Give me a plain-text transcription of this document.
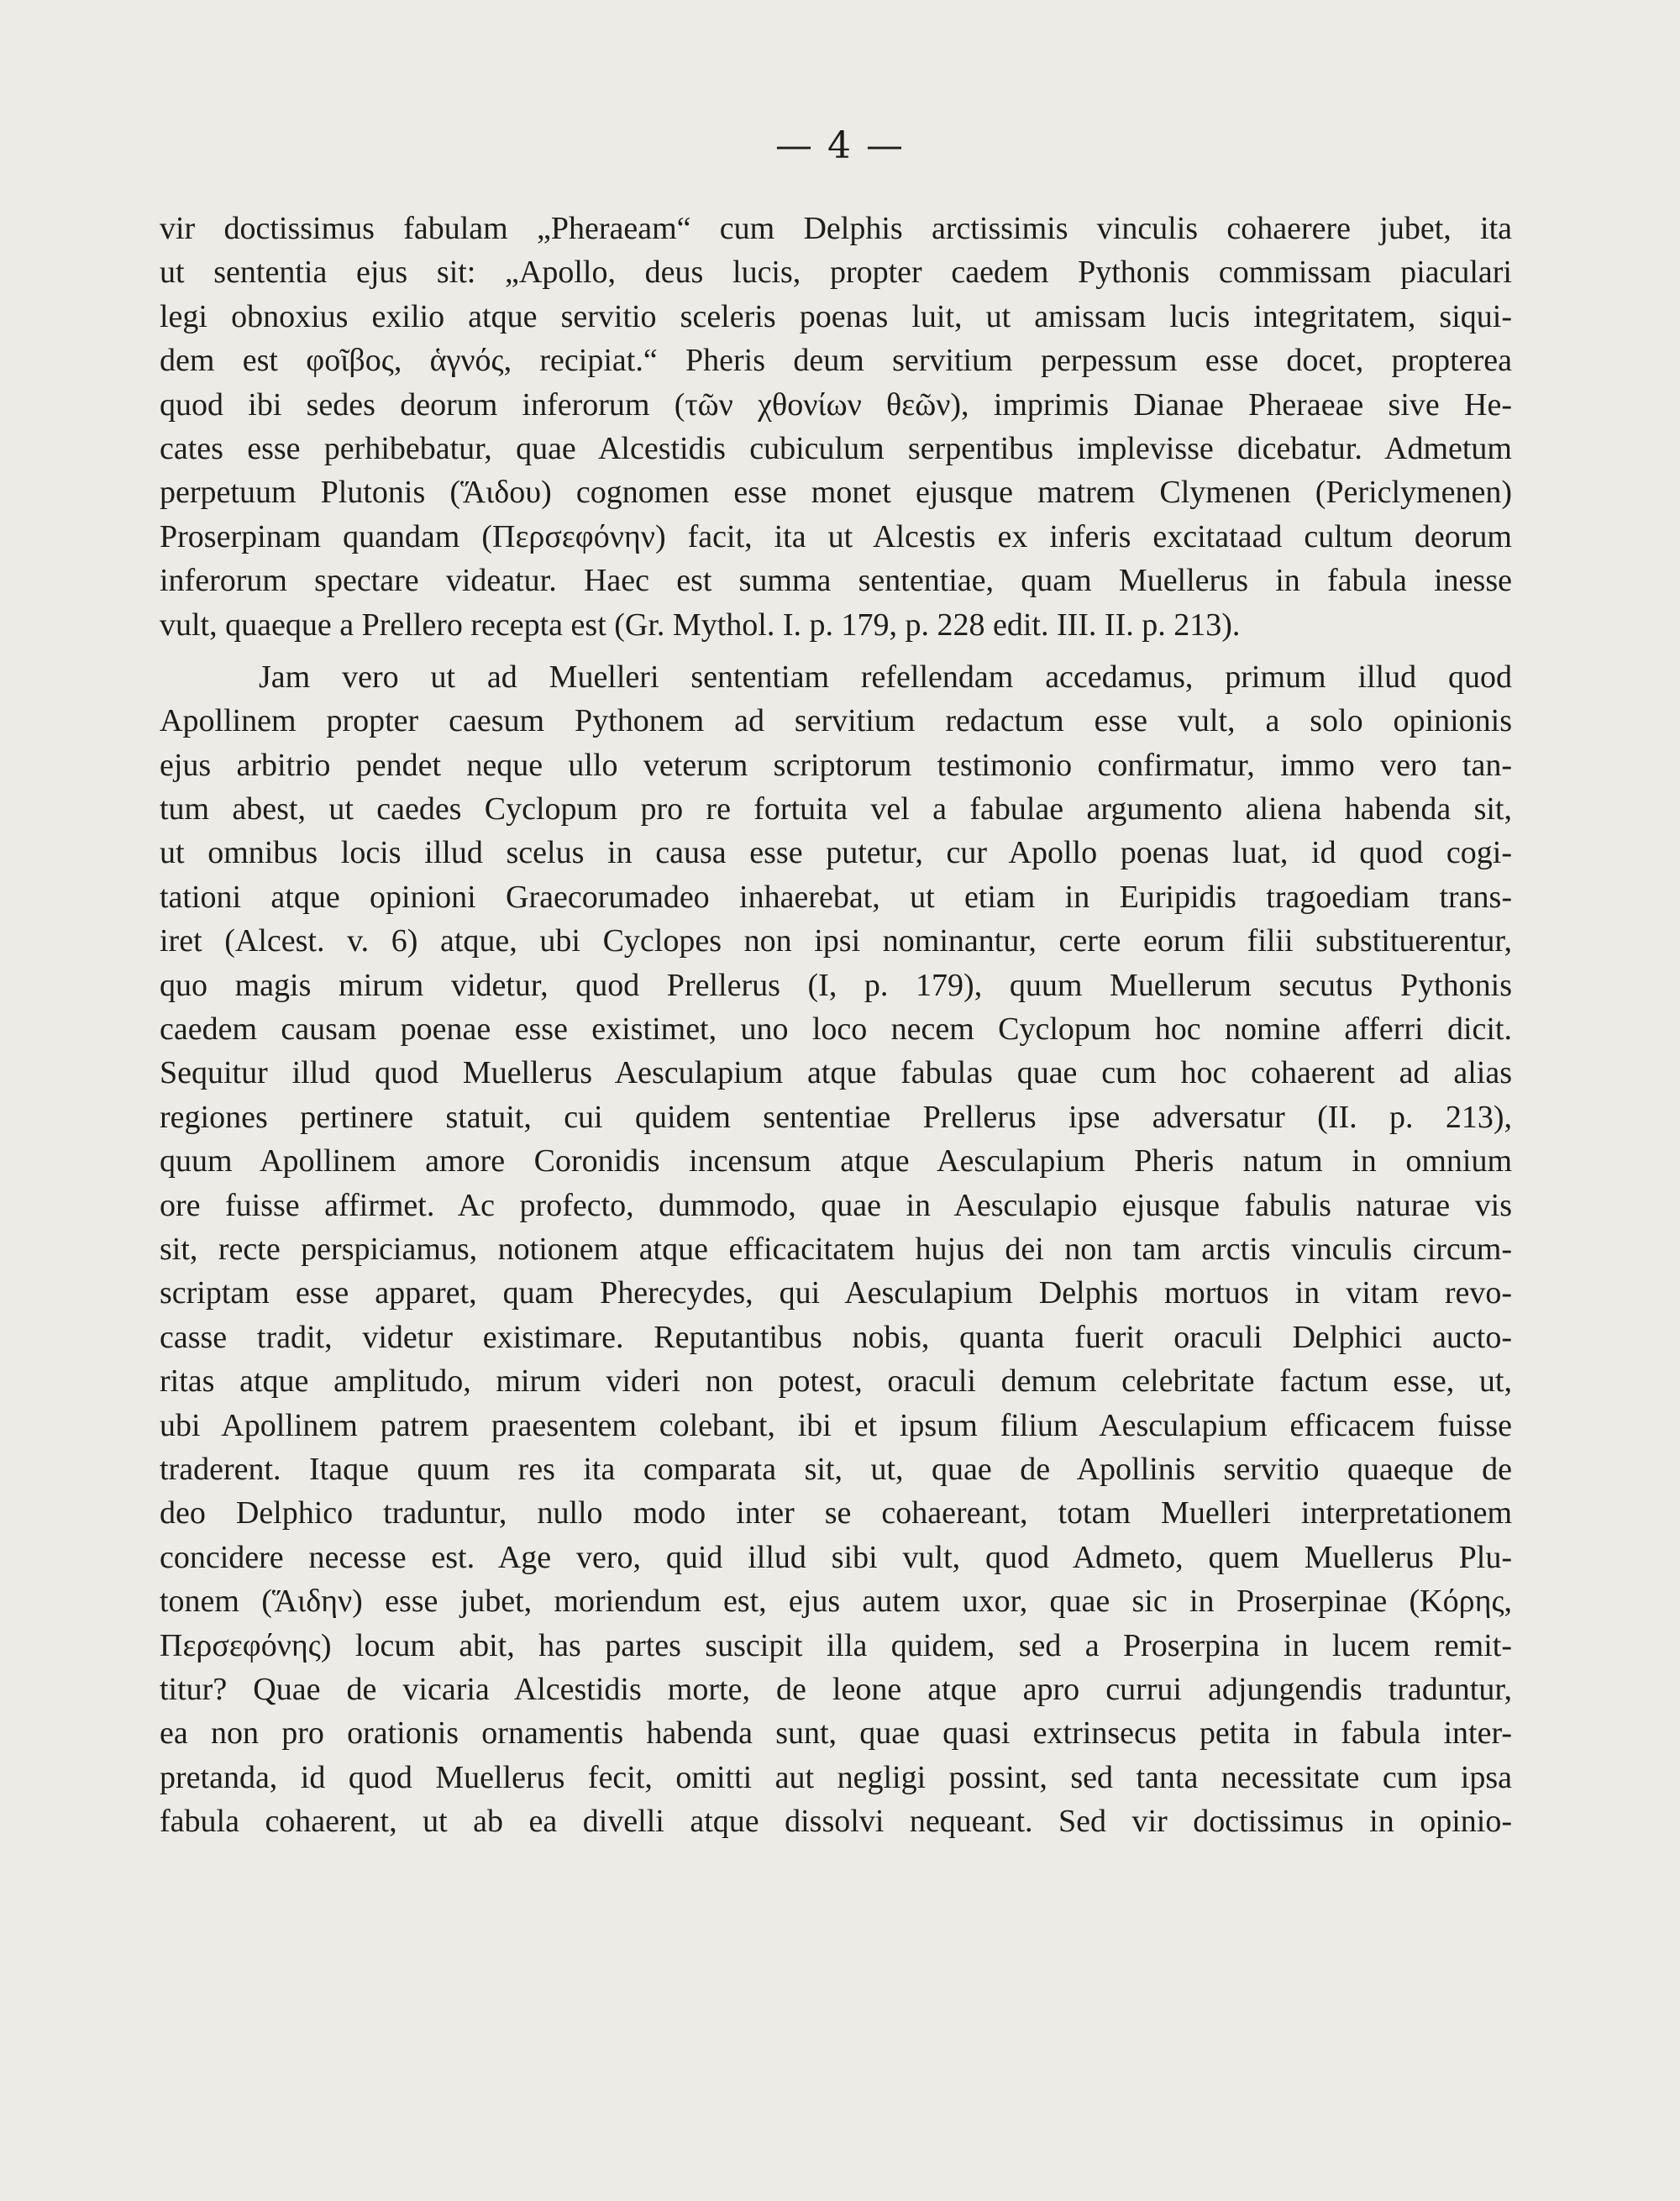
— 4 —
vir doctissimus fabulam „Pheraeam“ cum Delphis arctissimis vinculis cohaerere jubet, ita
ut sententia ejus sit: „Apollo, deus lucis, propter caedem Pythonis commissam piaculari
legi obnoxius exilio atque servitio sceleris poenas luit, ut amissam lucis integritatem, siqui-
dem est φοῖβος, ἁγνός, recipiat.“ Pheris deum servitium perpessum esse docet, propterea
quod ibi sedes deorum inferorum (τῶν χθονίων θεῶν), imprimis Dianae Pheraeae sive He-
cates esse perhibebatur, quae Alcestidis cubiculum serpentibus implevisse dicebatur. Admetum
perpetuum Plutonis (Ἅιδου) cognomen esse monet ejusque matrem Clymenen (Periclymenen)
Proserpinam quandam (Περσεφόνην) facit, ita ut Alcestis ex inferis excitataad cultum deorum
inferorum spectare videatur. Haec est summa sententiae, quam Muellerus in fabula inesse
vult, quaeque a Prellero recepta est (Gr. Mythol. I. p. 179, p. 228 edit. III. II. p. 213).
Jam vero ut ad Muelleri sententiam refellendam accedamus, primum illud quod
Apollinem propter caesum Pythonem ad servitium redactum esse vult, a solo opinionis
ejus arbitrio pendet neque ullo veterum scriptorum testimonio confirmatur, immo vero tan-
tum abest, ut caedes Cyclopum pro re fortuita vel a fabulae argumento aliena habenda sit,
ut omnibus locis illud scelus in causa esse putetur, cur Apollo poenas luat, id quod cogi-
tationi atque opinioni Graecorumadeo inhaerebat, ut etiam in Euripidis tragoediam trans-
iret (Alcest. v. 6) atque, ubi Cyclopes non ipsi nominantur, certe eorum filii substituerentur,
quo magis mirum videtur, quod Prellerus (I, p. 179), quum Muellerum secutus Pythonis
caedem causam poenae esse existimet, uno loco necem Cyclopum hoc nomine afferri dicit.
Sequitur illud quod Muellerus Aesculapium atque fabulas quae cum hoc cohaerent ad alias
regiones pertinere statuit, cui quidem sententiae Prellerus ipse adversatur (II. p. 213),
quum Apollinem amore Coronidis incensum atque Aesculapium Pheris natum in omnium
ore fuisse affirmet. Ac profecto, dummodo, quae in Aesculapio ejusque fabulis naturae vis
sit, recte perspiciamus, notionem atque efficacitatem hujus dei non tam arctis vinculis circum-
scriptam esse apparet, quam Pherecydes, qui Aesculapium Delphis mortuos in vitam revo-
casse tradit, videtur existimare. Reputantibus nobis, quanta fuerit oraculi Delphici aucto-
ritas atque amplitudo, mirum videri non potest, oraculi demum celebritate factum esse, ut,
ubi Apollinem patrem praesentem colebant, ibi et ipsum filium Aesculapium efficacem fuisse
traderent. Itaque quum res ita comparata sit, ut, quae de Apollinis servitio quaeque de
deo Delphico traduntur, nullo modo inter se cohaereant, totam Muelleri interpretationem
concidere necesse est. Age vero, quid illud sibi vult, quod Admeto, quem Muellerus Plu-
tonem (Ἅιδην) esse jubet, moriendum est, ejus autem uxor, quae sic in Proserpinae (Κόρης,
Περσεφόνης) locum abit, has partes suscipit illa quidem, sed a Proserpina in lucem remit-
titur? Quae de vicaria Alcestidis morte, de leone atque apro currui adjungendis traduntur,
ea non pro orationis ornamentis habenda sunt, quae quasi extrinsecus petita in fabula inter-
pretanda, id quod Muellerus fecit, omitti aut negligi possint, sed tanta necessitate cum ipsa
fabula cohaerent, ut ab ea divelli atque dissolvi nequeant. Sed vir doctissimus in opinio-
